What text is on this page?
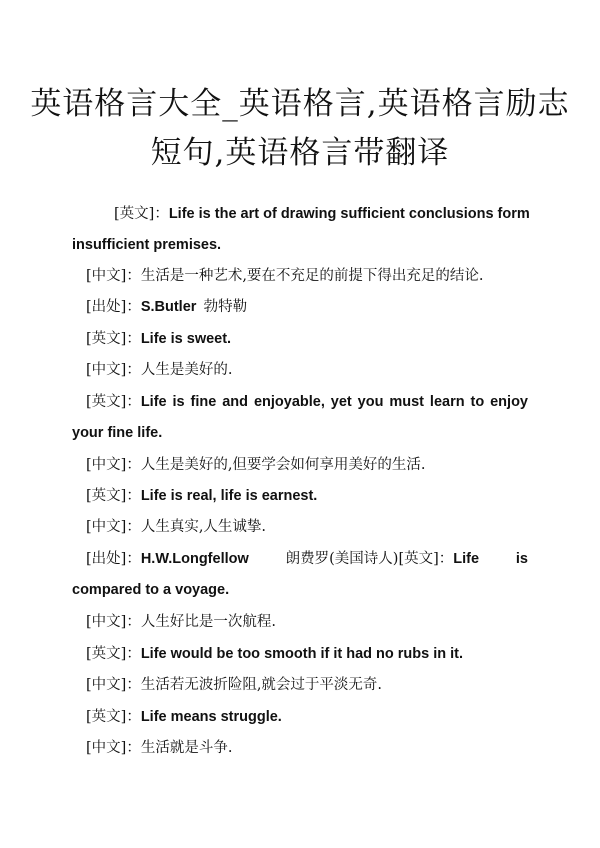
英语格言大全_英语格言,英语格言励志
短句,英语格言带翻译
[英文]： Life is the art of drawing sufficient conclusions form
insufficient premises.
[中文]：生活是一种艺术,要在不充足的前提下得出充足的结论.
[出处]：S.Butler 勃特勒
[英文]：Life is sweet.
[中文]：人生是美好的.
[英文]： Life is fine and enjoyable, yet you must learn to enjoy
your fine life.
[中文]：人生是美好的,但要学会如何享用美好的生活.
[英文]：Life is real, life is earnest.
[中文]：人生真实,人生诚挚.
[出处]：H.W.Longfellow	朗费罗(美国诗人)[英文]：Life	is
compared to a voyage.
[中文]：人生好比是一次航程.
[英文]：Life would be too smooth if it had no rubs in it.
[中文]：生活若无波折险阻,就会过于平淡无奇.
[英文]：Life means struggle.
[中文]：生活就是斗争.
